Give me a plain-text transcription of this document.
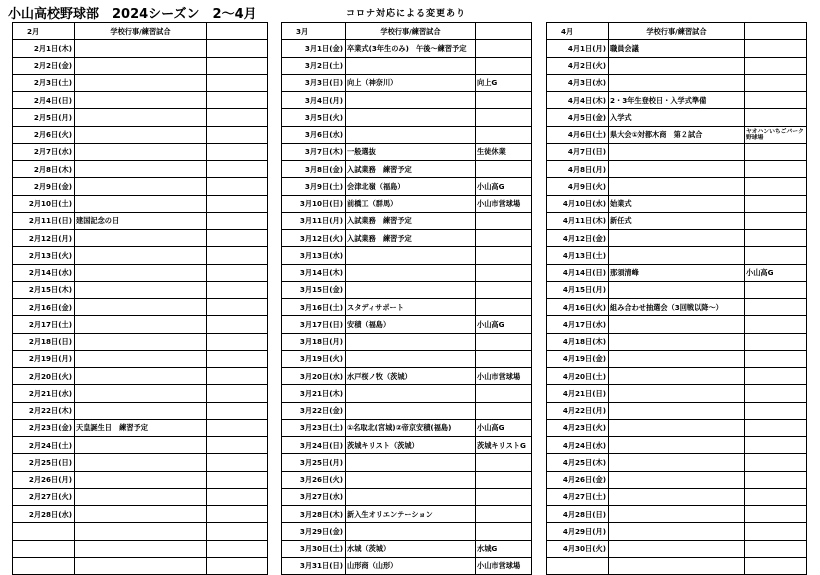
小山高校野球部　2024シーズン　2～4月	コロナ対応による変更あり
2月	学校行事/練習試合	
2月1日(木)		
2月2日(金)		
2月3日(土)		
2月4日(日)		
2月5日(月)		
2月6日(火)		
2月7日(水)		
2月8日(木)		
2月9日(金)		
2月10日(土)		
2月11日(日)	建国記念の日	
2月12日(月)		
2月13日(火)		
2月14日(水)		
2月15日(木)		
2月16日(金)		
2月17日(土)		
2月18日(日)		
2月19日(月)		
2月20日(火)		
2月21日(水)		
2月22日(木)		
2月23日(金)	天皇誕生日　練習予定	
2月24日(土)		
2月25日(日)		
2月26日(月)		
2月27日(火)		
2月28日(水)		

3月	学校行事/練習試合	
3月1日(金)	卒業式(3年生のみ)　午後～練習予定	
3月2日(土)		
3月3日(日)	向上（神奈川）	向上G
3月4日(月)		
3月5日(火)		
3月6日(水)		
3月7日(木)	一般選抜	生徒休業
3月8日(金)	入試業務　練習予定	
3月9日(土)	会津北嶺（福島）	小山高G
3月10日(日)	前橋工（群馬）	小山市営球場
3月11日(月)	入試業務　練習予定	
3月12日(火)	入試業務　練習予定	
3月13日(水)		
3月14日(木)		
3月15日(金)		
3月16日(土)	スタディサポート	
3月17日(日)	安積（福島）	小山高G
3月18日(月)		
3月19日(火)		
3月20日(水)	水戸桜ノ牧（茨城）	小山市営球場
3月21日(木)		
3月22日(金)		
3月23日(土)	①名取北(宮城)②帝京安積(福島)	小山高G
3月24日(日)	茨城キリスト（茨城）	茨城キリストG
3月25日(月)		
3月26日(火)		
3月27日(水)		
3月28日(木)	新入生オリエンテーション	
3月29日(金)		
3月30日(土)	水城（茨城）	水城G
3月31日(日)	山形商（山形）	小山市営球場
4月	学校行事/練習試合	
4月1日(月)	職員会議	
4月2日(火)		
4月3日(水)		
4月4日(木)	2・3年生登校日・入学式準備	
4月5日(金)	入学式	
4月6日(土)	県大会①対都木商　第２試合	ヤオハンいちごパーク野球場
4月7日(日)		
4月8日(月)		
4月9日(火)		
4月10日(水)	始業式	
4月11日(木)	新任式	
4月12日(金)		
4月13日(土)		
4月14日(日)	那須清峰	小山高G
4月15日(月)		
4月16日(火)	組み合わせ抽選会（3回戦以降～）	
4月17日(水)		
4月18日(木)		
4月19日(金)		
4月20日(土)		
4月21日(日)		
4月22日(月)		
4月23日(火)		
4月24日(水)		
4月25日(木)		
4月26日(金)		
4月27日(土)		
4月28日(日)		
4月29日(月)		
4月30日(火)		
